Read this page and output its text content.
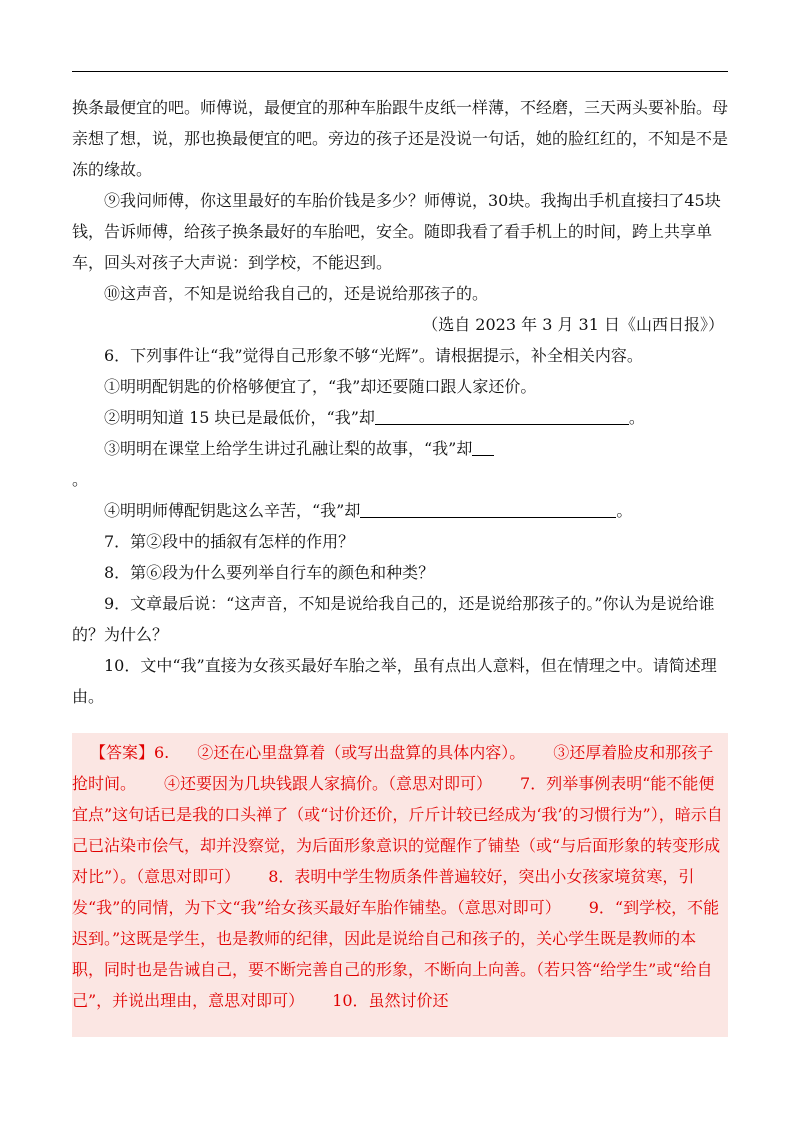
换条最便宜的吧。师傅说，最便宜的那种车胎跟牛皮纸一样薄，不经磨，三天两头要补胎。母亲想了想，说，那也换最便宜的吧。旁边的孩子还是没说一句话，她的脸红红的，不知是不是冻的缘故。

⑨我问师傅，你这里最好的车胎价钱是多少？师傅说，30块。我掏出手机直接扫了45块钱，告诉师傅，给孩子换条最好的车胎吧，安全。随即我看了看手机上的时间，跨上共享单车，回头对孩子大声说：到学校，不能迟到。

⑩这声音，不知是说给我自己的，还是说给那孩子的。

（选自 2023 年 3 月 31 日《山西日报》）

6．下列事件让“我”觉得自己形象不够“光辉”。请根据提示，补全相关内容。

①明明配钥匙的价格够便宜了，“我”却还要随口跟人家还价。

②明明知道 15 块已是最低价，“我”却	。

③明明在课堂上给学生讲过孔融让梨的故事，“我”却

。

④明明师傅配钥匙这么辛苦，“我”却	。

7．第②段中的插叙有怎样的作用？

8．第⑥段为什么要列举自行车的颜色和种类？

9．文章最后说：“这声音，不知是说给我自己的，还是说给那孩子的。”你认为是说给谁的？为什么？

10．文中“我”直接为女孩买最好车胎之举，虽有点出人意料，但在情理之中。请简述理由。

【答案】6. ②还在心里盘算着（或写出盘算的具体内容）。 ③还厚着脸皮和那孩子抢时间。 ④还要因为几块钱跟人家搞价。（意思对即可） 7．列举事例表明“能不能便宜点”这句话已是我的口头禅了（或“讨价还价，斤斤计较已经成为‘我’的习惯行为”），暗示自己已沾染市侩气，却并没察觉，为后面形象意识的觉醒作了铺垫（或“与后面形象的转变形成对比”）。（意思对即可） 8．表明中学生物质条件普遍较好，突出小女孩家境贫寒，引发“我”的同情，为下文“我”给女孩买最好车胎作铺垫。（意思对即可） 9．“到学校，不能迟到。”这既是学生，也是教师的纪律，因此是说给自己和孩子的，关心学生既是教师的本职，同时也是告诫自己，要不断完善自己的形象，不断向上向善。（若只答“给学生”或“给自己”，并说出理由，意思对即可） 10．虽然讨价还
